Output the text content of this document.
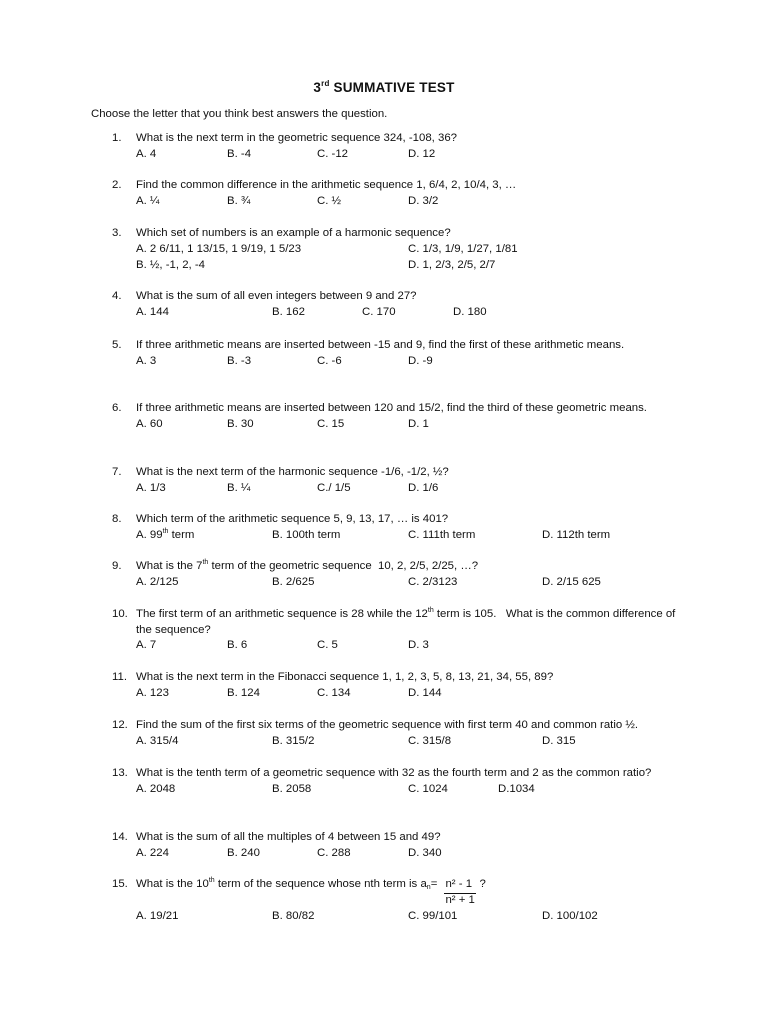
3rd SUMMATIVE TEST
Choose the letter that you think best answers the question.
1.	What is the next term in the geometric sequence 324, -108, 36?
A. 4	B. -4	C. -12	D. 12
2.	Find the common difference in the arithmetic sequence 1, 6/4, 2, 10/4, 3, …
A. ¼	B. ¾	C. ½	D. 3/2
3.	Which set of numbers is an example of a harmonic sequence?
A. 2 6/11, 1 13/15, 1 9/19, 1 5/23	C. 1/3, 1/9, 1/27, 1/81
B. ½, -1, 2, -4	D. 1, 2/3, 2/5, 2/7
4.	What is the sum of all even integers between 9 and 27?
A. 144	B. 162	C. 170	D. 180
5.	If three arithmetic means are inserted between -15 and 9, find the first of these arithmetic means.
A. 3	B. -3	C. -6	D. -9
6.	If three arithmetic means are inserted between 120 and 15/2, find the third of these geometric means.
A. 60	B. 30	C. 15	D. 1
7.	What is the next term of the harmonic sequence -1/6, -1/2, ½?
A. 1/3	B. ¼	C./ 1/5	D. 1/6
8.	Which term of the arithmetic sequence 5, 9, 13, 17, … is 401?
A. 99th term	B. 100th term	C. 111th term	D. 112th term
9.	What is the 7th term of the geometric sequence  10, 2, 2/5, 2/25, …?
A. 2/125	B. 2/625	C. 2/3123	D. 2/15 625
10. The first term of an arithmetic sequence is 28 while the 12th term is 105.   What is the common difference of the sequence?
A. 7	B. 6	C. 5	D. 3
11. What is the next term in the Fibonacci sequence 1, 1, 2, 3, 5, 8, 13, 21, 34, 55, 89?
A. 123	B. 124	C. 134	D. 144
12. Find the sum of the first six terms of the geometric sequence with first term 40 and common ratio ½.
A. 315/4	B. 315/2	C. 315/8	D. 315
13. What is the tenth term of a geometric sequence with 32 as the fourth term and 2 as the common ratio?
A. 2048	B. 2058	C. 1024	D.1034
14. What is the sum of all the multiples of 4 between 15 and 49?
A. 224	B. 240	C. 288	D. 340
15. What is the 10th term of the sequence whose nth term is $a_n= n^2 - 1$
n² + 1
?
A. 19/21	B. 80/82	C. 99/101	D. 100/102
